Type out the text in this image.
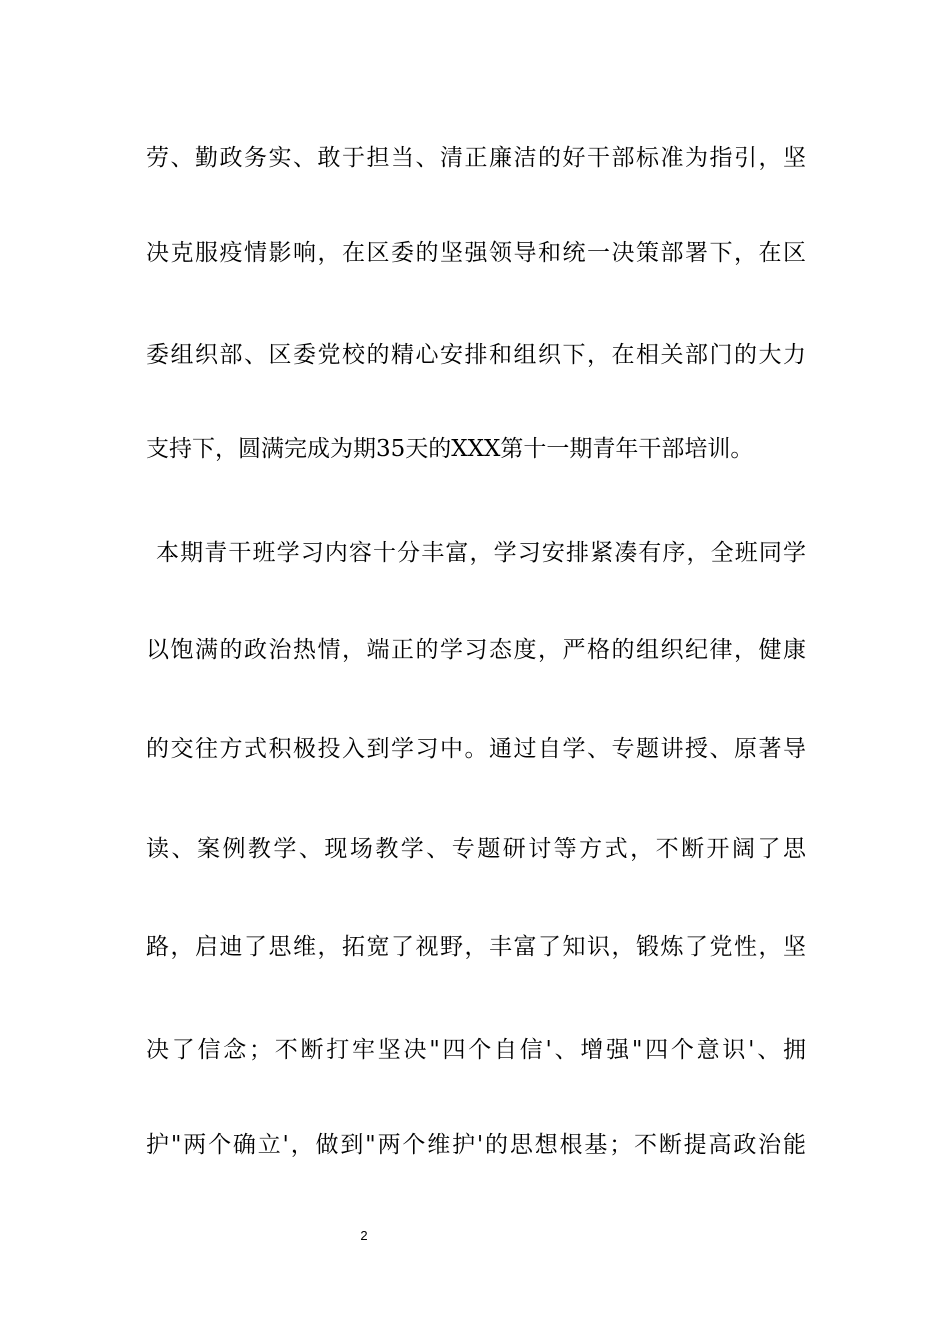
劳、勤政务实、敢于担当、清正廉洁的好干部标准为指引，坚
决克服疫情影响，在区委的坚强领导和统一决策部署下，在区
委组织部、区委党校的精心安排和组织下，在相关部门的大力
支持下，圆满完成为期35天的XXX第十一期青年干部培训。
本期青干班学习内容十分丰富，学习安排紧凑有序，全班同学
以饱满的政治热情，端正的学习态度，严格的组织纪律，健康
的交往方式积极投入到学习中。通过自学、专题讲授、原著导
读、案例教学、现场教学、专题研讨等方式，不断开阔了思
路，启迪了思维，拓宽了视野，丰富了知识，锻炼了党性，坚
决了信念；不断打牢坚决"四个自信'、增强"四个意识'、拥
护"两个确立'，做到"两个维护'的思想根基；不断提高政治能
2
